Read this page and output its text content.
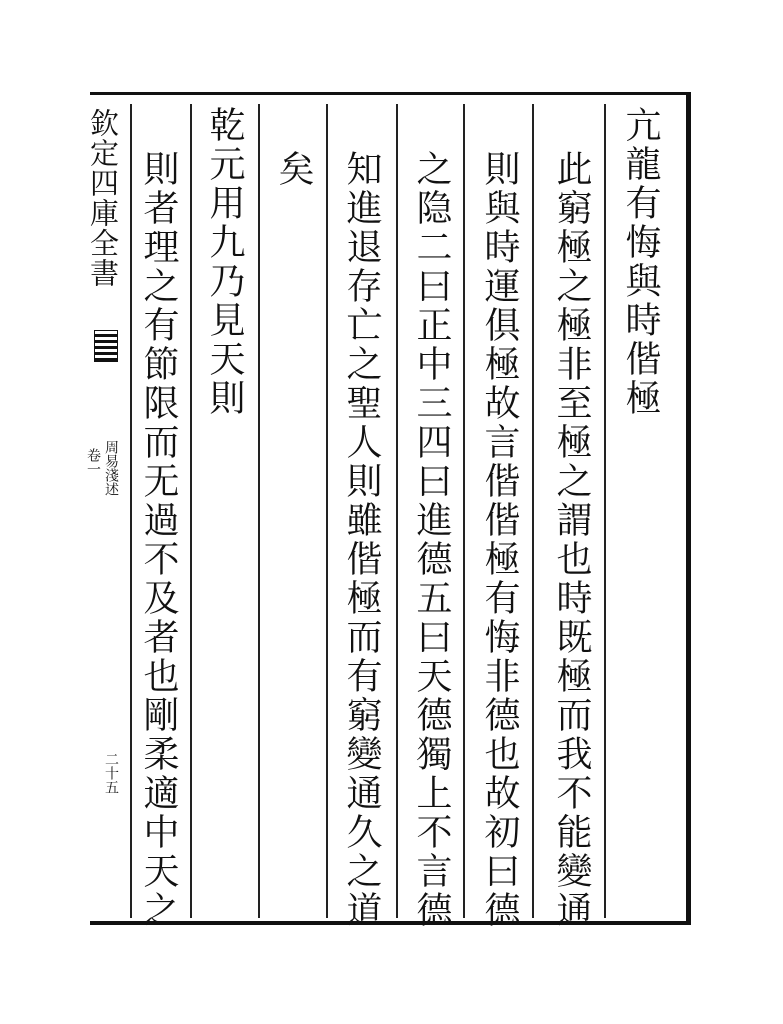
欽定四庫全書
卷一 周易淺述
二十五
亢龍有悔與時偕極
此窮極之極非至極之謂也時既極而我不能變通
則與時運俱極故言偕偕極有悔非德也故初曰德
之隐二曰正中三四曰進德五曰天德獨上不言德
知進退存亡之聖人則雖偕極而有窮變通久之道
矣
乾元用九乃見天則
則者理之有節限而无過不及者也剛柔適中天之
